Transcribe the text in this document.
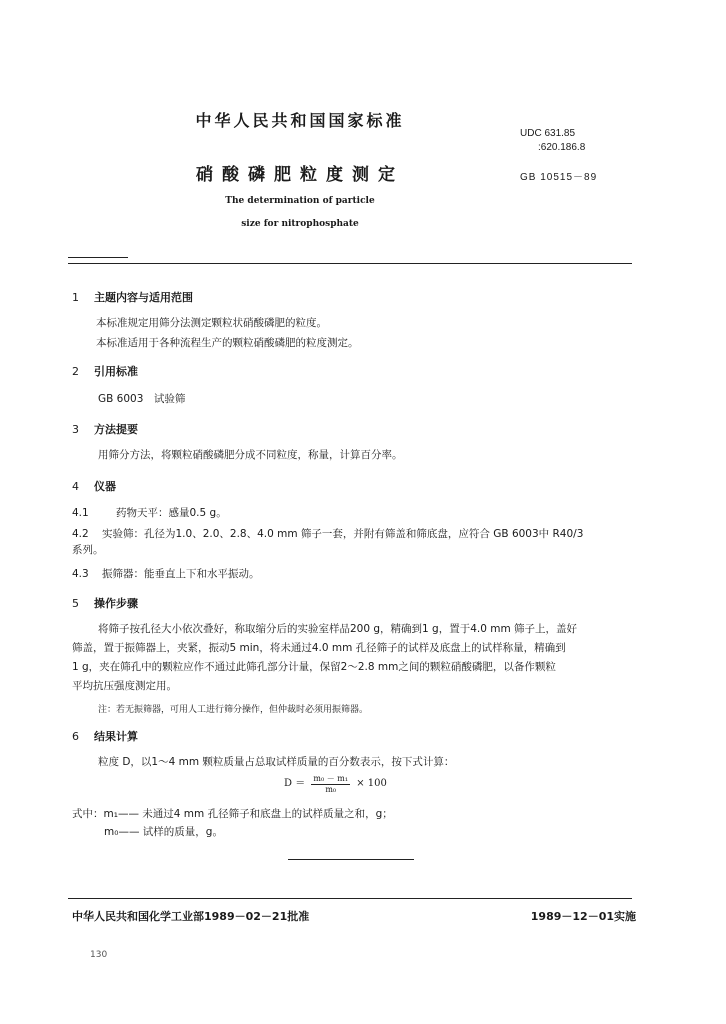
中华人民共和国国家标准
UDC 631.85
:620.186.8
硝酸磷肥粒度测定	GB 10515－89
The determination of particle
size for nitrophosphate
1 主题内容与适用范围
本标准规定用筛分法测定颗粒状硝酸磷肥的粒度。
本标准适用于各种流程生产的颗粒硝酸磷肥的粒度测定。
2 引用标准
GB 6003　试验筛
3 方法提要
用筛分方法，将颗粒硝酸磷肥分成不同粒度，称量，计算百分率。
4 仪器
4.1	药物天平：感量0.5 g。
4.2 实验筛：孔径为1.0、2.0、2.8、4.0 mm 筛子一套，并附有筛盖和筛底盘，应符合 GB 6003中 R40/3
系列。
4.3 振筛器：能垂直上下和水平振动。
5 操作步骤
将筛子按孔径大小依次叠好，称取缩分后的实验室样品200 g，精确到1 g，置于4.0 mm 筛子上，盖好
筛盖，置于振筛器上，夹紧，振动5 min，将未通过4.0 mm 孔径筛子的试样及底盘上的试样称量，精确到
1 g，夹在筛孔中的颗粒应作不通过此筛孔部分计量，保留2～2.8 mm之间的颗粒硝酸磷肥，以备作颗粒
平均抗压强度测定用。
注：若无振筛器，可用人工进行筛分操作，但仲裁时必须用振筛器。
6 结果计算
粒度 D，以1～4 mm 颗粒质量占总取试样质量的百分数表示，按下式计算：
$D = \frac{\text{m₀ － m₁}}{\text{m₀}} \times 100$
式中：m₁—— 未通过4 mm 孔径筛子和底盘上的试样质量之和，g；
m₀—— 试样的质量，g。
中华人民共和国化学工业部1989－02－21批准	1989－12－01实施
130
